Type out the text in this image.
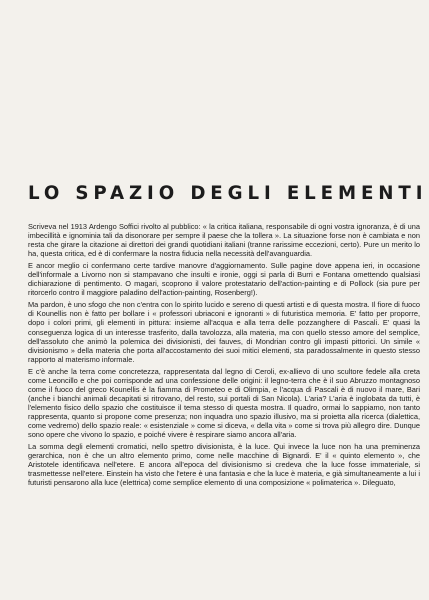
LO SPAZIO DEGLI ELEMENTI

Scriveva nel 1913 Ardengo Soffici rivolto al pubblico: « la critica italiana, responsabile di ogni vostra ignoranza, è di una imbecillità e ignominia tali da disonorare per sempre il paese che la tollera ». La situazione forse non è cambiata e non resta che girare la citazione ai direttori dei grandi quotidiani italiani (tranne rarissime eccezioni, certo). Pure un merito lo ha, questa critica, ed è di confermare la nostra fiducia nella necessità dell'avanguardia.

E ancor meglio ci confermano certe tardive manovre d'aggiornamento. Sulle pagine dove appena ieri, in occasione dell'informale a Livorno non si stampavano che insulti e ironie, oggi si parla di Burri e Fontana omettendo qualsiasi dichiarazione di pentimento. O magari, scoprono il valore protestatario dell'action-painting e di Pollock (sia pure per ritorcerlo contro il maggiore paladino dell'action-painting, Rosenberg!).

Ma pardon, è uno sfogo che non c'entra con lo spirito lucido e sereno di questi artisti e di questa mostra. Il fiore di fuoco di Kounellis non è fatto per bollare i « professori ubriaconi e ignoranti » di futuristica memoria. E' fatto per proporre, dopo i colori primi, gli elementi in pittura: insieme all'acqua e alla terra delle pozzanghere di Pascali. E' quasi la conseguenza logica di un interesse trasferito, dalla tavolozza, alla materia, ma con quello stesso amore del semplice, dell'assoluto che animò la polemica dei divisionisti, dei fauves, di Mondrian contro gli impasti pittorici. Un simile « divisionismo » della materia che porta all'accostamento dei suoi mitici elementi, sta paradossalmente in questo stesso rapporto al materismo informale.

E c'è anche la terra come concretezza, rappresentata dal legno di Ceroli, ex-allievo di uno scultore fedele alla creta come Leoncillo e che poi corrisponde ad una confessione delle origini: il legno-terra che è il suo Abruzzo montagnoso come il fuoco del greco Kounellis è la fiamma di Prometeo e di Olimpia, e l'acqua di Pascali è di nuovo il mare, Bari (anche i bianchi animali decapitati si ritrovano, del resto, sui portali di San Nicola). L'aria? L'aria è inglobata da tutti, è l'elemento fisico dello spazio che costituisce il tema stesso di questa mostra. Il quadro, ormai lo sappiamo, non tanto rappresenta, quanto si propone come presenza; non inquadra uno spazio illusivo, ma si proietta alla ricerca (dialettica, come vedremo) dello spazio reale: « esistenziale » come si diceva, « della vita » come si trova più allegro dire. Dunque sono opere che vivono lo spazio, e poiché vivere è respirare siamo ancora all'aria.

La somma degli elementi cromatici, nello spettro divisionista, è la luce. Qui invece la luce non ha una preminenza gerarchica, non è che un altro elemento primo, come nelle macchine di Bignardi. E' il « quinto elemento », che Aristotele identificava nell'etere. E ancora all'epoca del divisionismo si credeva che la luce fosse immateriale, si trasmettesse nell'etere. Einstein ha visto che l'etere è una fantasia e che la luce è materia, e già simultaneamente a lui i futuristi pensarono alla luce (elettrica) come semplice elemento di una composizione « polimaterica ». Dileguato,
